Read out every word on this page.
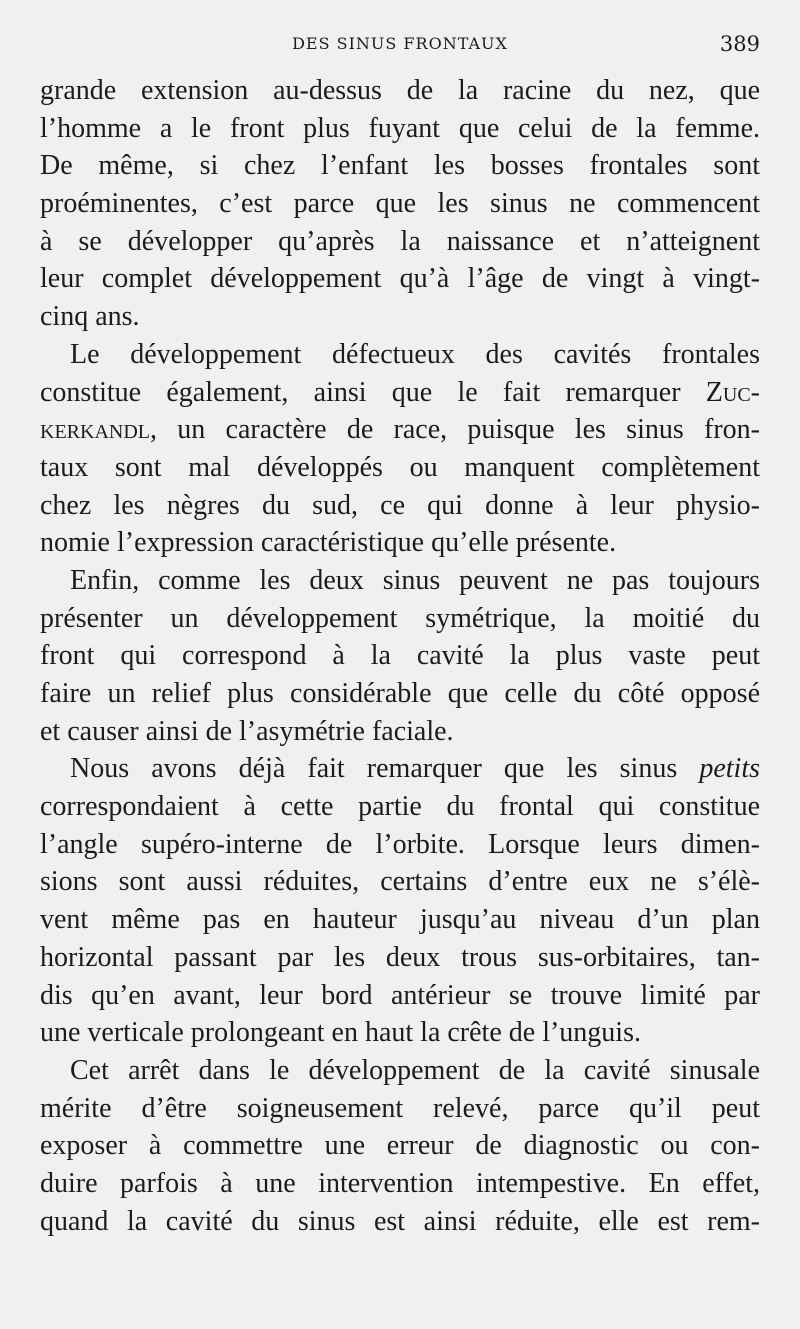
DES SINUS FRONTAUX	389
grande extension au-dessus de la racine du nez, que
l’homme a le front plus fuyant que celui de la femme.
De même, si chez l’enfant les bosses frontales sont
proéminentes, c’est parce que les sinus ne commencent
à se développer qu’après la naissance et n’atteignent
leur complet développement qu’à l’âge de vingt à vingt-
cinq ans.
Le développement défectueux des cavités frontales
constitue également, ainsi que le fait remarquer Zuc-
kerkandl, un caractère de race, puisque les sinus fron-
taux sont mal développés ou manquent complètement
chez les nègres du sud, ce qui donne à leur physio-
nomie l’expression caractéristique qu’elle présente.
Enfin, comme les deux sinus peuvent ne pas toujours
présenter un développement symétrique, la moitié du
front qui correspond à la cavité la plus vaste peut
faire un relief plus considérable que celle du côté opposé
et causer ainsi de l’asymétrie faciale.
Nous avons déjà fait remarquer que les sinus petits
correspondaient à cette partie du frontal qui constitue
l’angle supéro-interne de l’orbite. Lorsque leurs dimen-
sions sont aussi réduites, certains d’entre eux ne s’élè-
vent même pas en hauteur jusqu’au niveau d’un plan
horizontal passant par les deux trous sus-orbitaires, tan-
dis qu’en avant, leur bord antérieur se trouve limité par
une verticale prolongeant en haut la crête de l’unguis.
Cet arrêt dans le développement de la cavité sinusale
mérite d’être soigneusement relevé, parce qu’il peut
exposer à commettre une erreur de diagnostic ou con-
duire parfois à une intervention intempestive. En effet,
quand la cavité du sinus est ainsi réduite, elle est rem-
